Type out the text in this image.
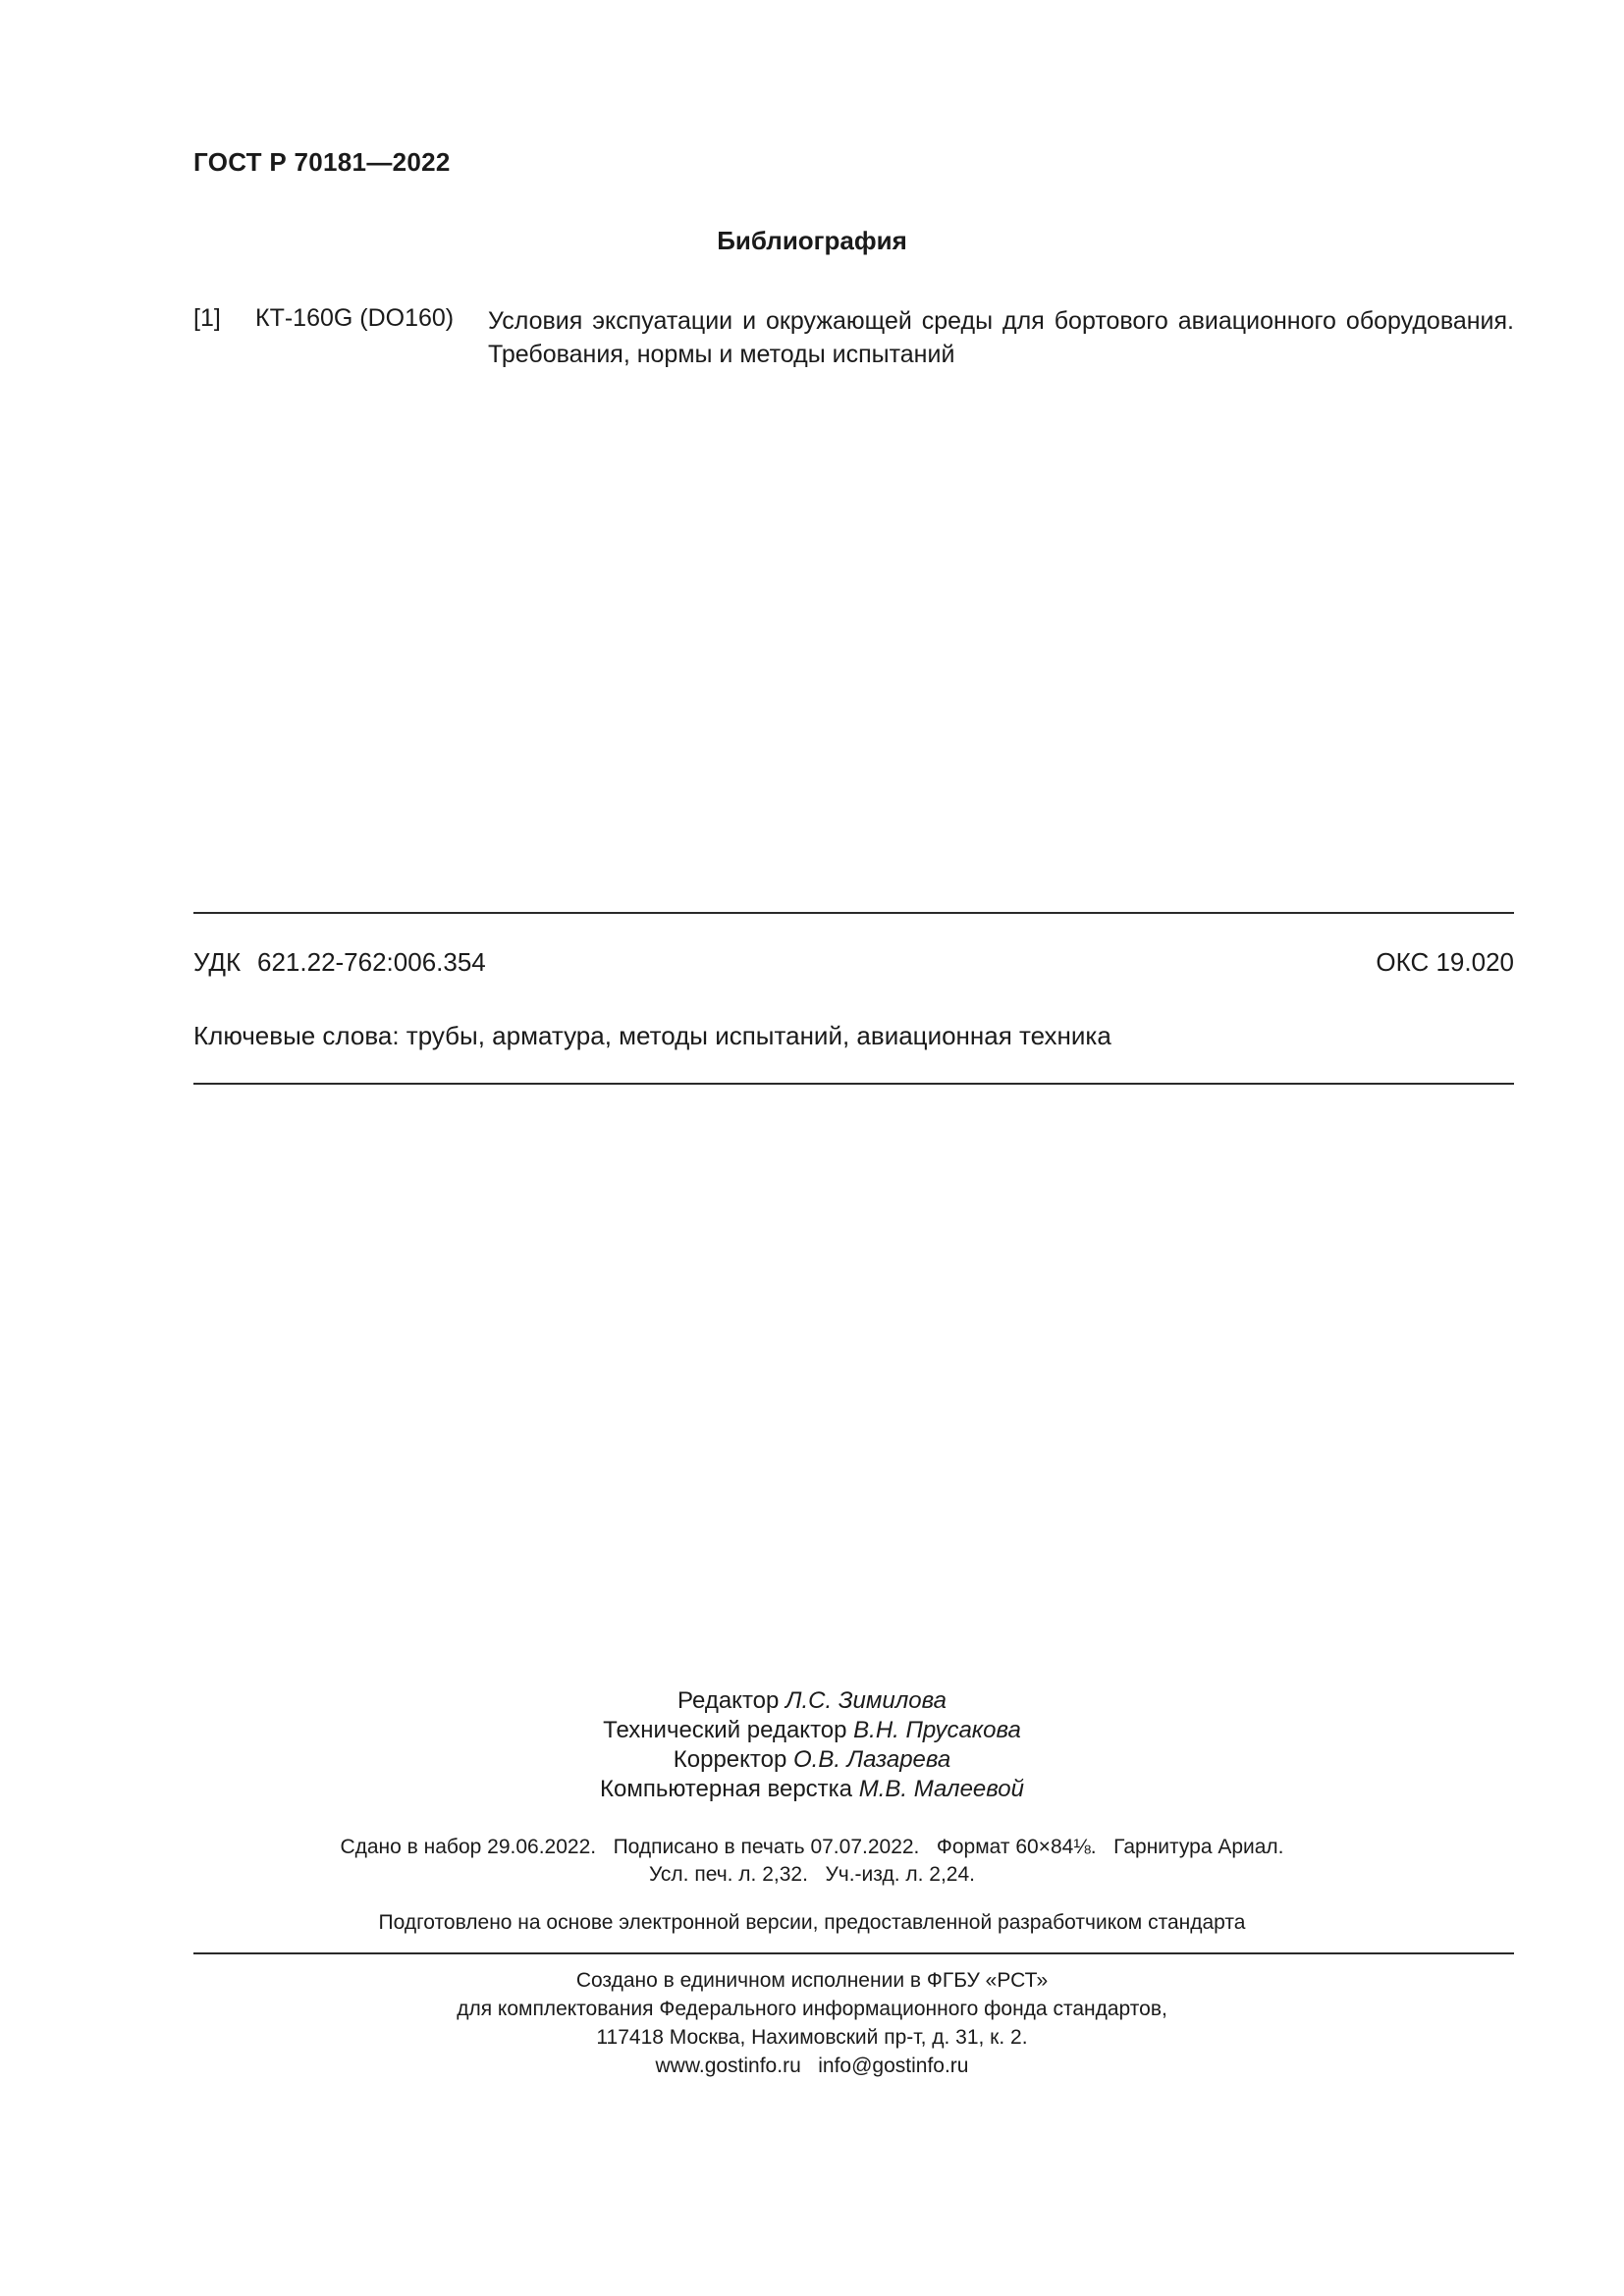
ГОСТ Р 70181—2022
Библиография
[1] КТ-160G (DO160) Условия экспуатации и окружающей среды для бортового авиационного оборудования.
Требования, нормы и методы испытаний
УДК 621.22-762:006.354	ОКС 19.020
Ключевые слова: трубы, арматура, методы испытаний, авиационная техника
Редактор Л.С. Зимилова
Технический редактор В.Н. Прусакова
Корректор О.В. Лазарева
Компьютерная верстка М.В. Малеевой
Сдано в набор 29.06.2022.   Подписано в печать 07.07.2022.   Формат 60×84⅛.   Гарнитура Ариал.
Усл. печ. л. 2,32.   Уч.-изд. л. 2,24.
Подготовлено на основе электронной версии, предоставленной разработчиком стандарта
Создано в единичном исполнении в ФГБУ «РСТ»
для комплектования Федерального информационного фонда стандартов,
117418 Москва, Нахимовский пр-т, д. 31, к. 2.
www.gostinfo.ru   info@gostinfo.ru
